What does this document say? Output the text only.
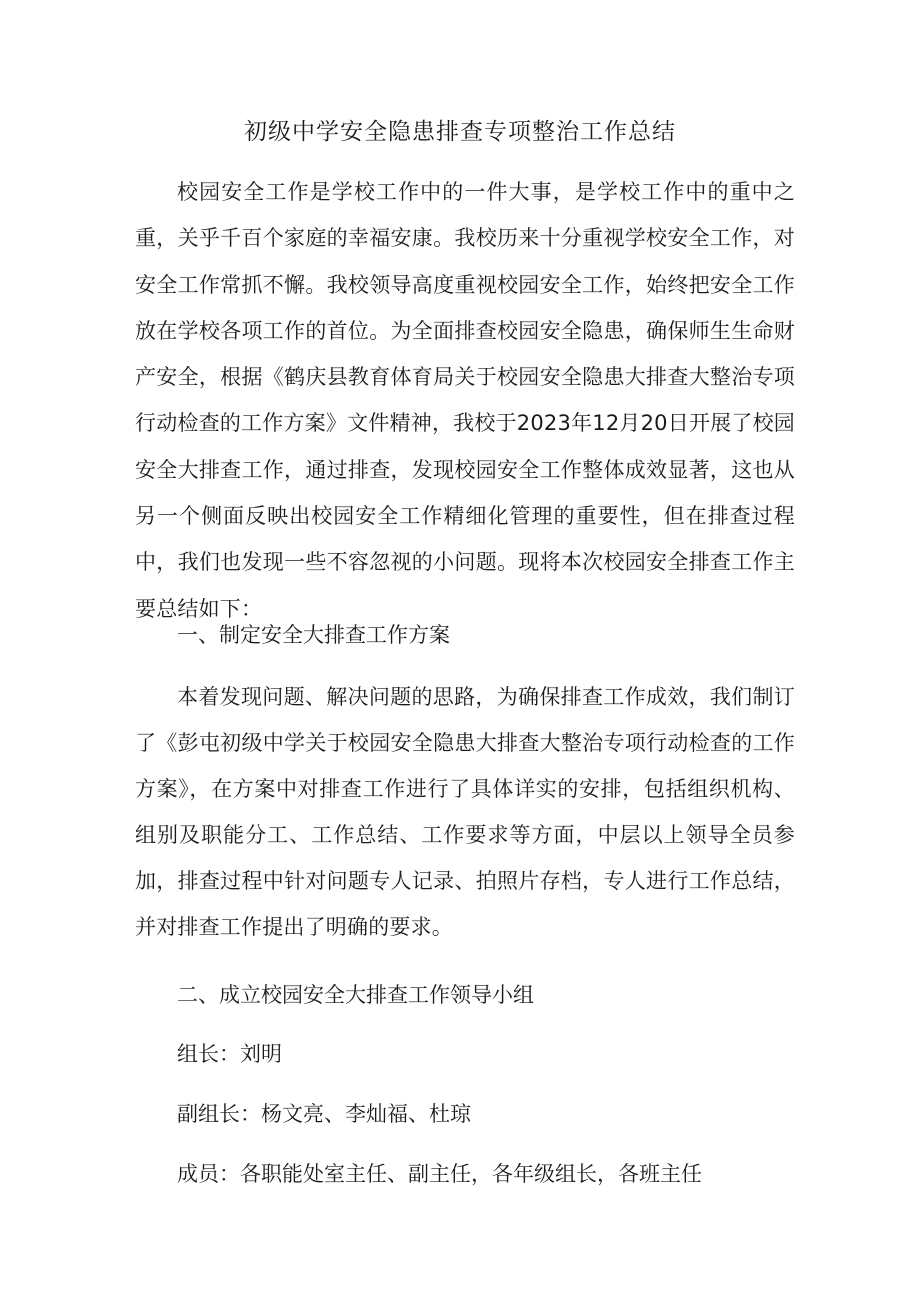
初级中学安全隐患排查专项整治工作总结

校园安全工作是学校工作中的一件大事，是学校工作中的重中之重，关乎千百个家庭的幸福安康。我校历来十分重视学校安全工作，对安全工作常抓不懈。我校领导高度重视校园安全工作，始终把安全工作放在学校各项工作的首位。为全面排查校园安全隐患，确保师生生命财产安全，根据《鹤庆县教育体育局关于校园安全隐患大排查大整治专项行动检查的工作方案》文件精神，我校于2023年12月20日开展了校园安全大排查工作，通过排查，发现校园安全工作整体成效显著，这也从另一个侧面反映出校园安全工作精细化管理的重要性，但在排查过程中，我们也发现一些不容忽视的小问题。现将本次校园安全排查工作主要总结如下：

一、制定安全大排查工作方案

本着发现问题、解决问题的思路，为确保排查工作成效，我们制订了《彭屯初级中学关于校园安全隐患大排查大整治专项行动检查的工作方案》，在方案中对排查工作进行了具体详实的安排，包括组织机构、组别及职能分工、工作总结、工作要求等方面，中层以上领导全员参加，排查过程中针对问题专人记录、拍照片存档，专人进行工作总结，并对排查工作提出了明确的要求。

二、成立校园安全大排查工作领导小组

组长：刘明

副组长：杨文亮、李灿福、杜琼

成员：各职能处室主任、副主任，各年级组长，各班主任
